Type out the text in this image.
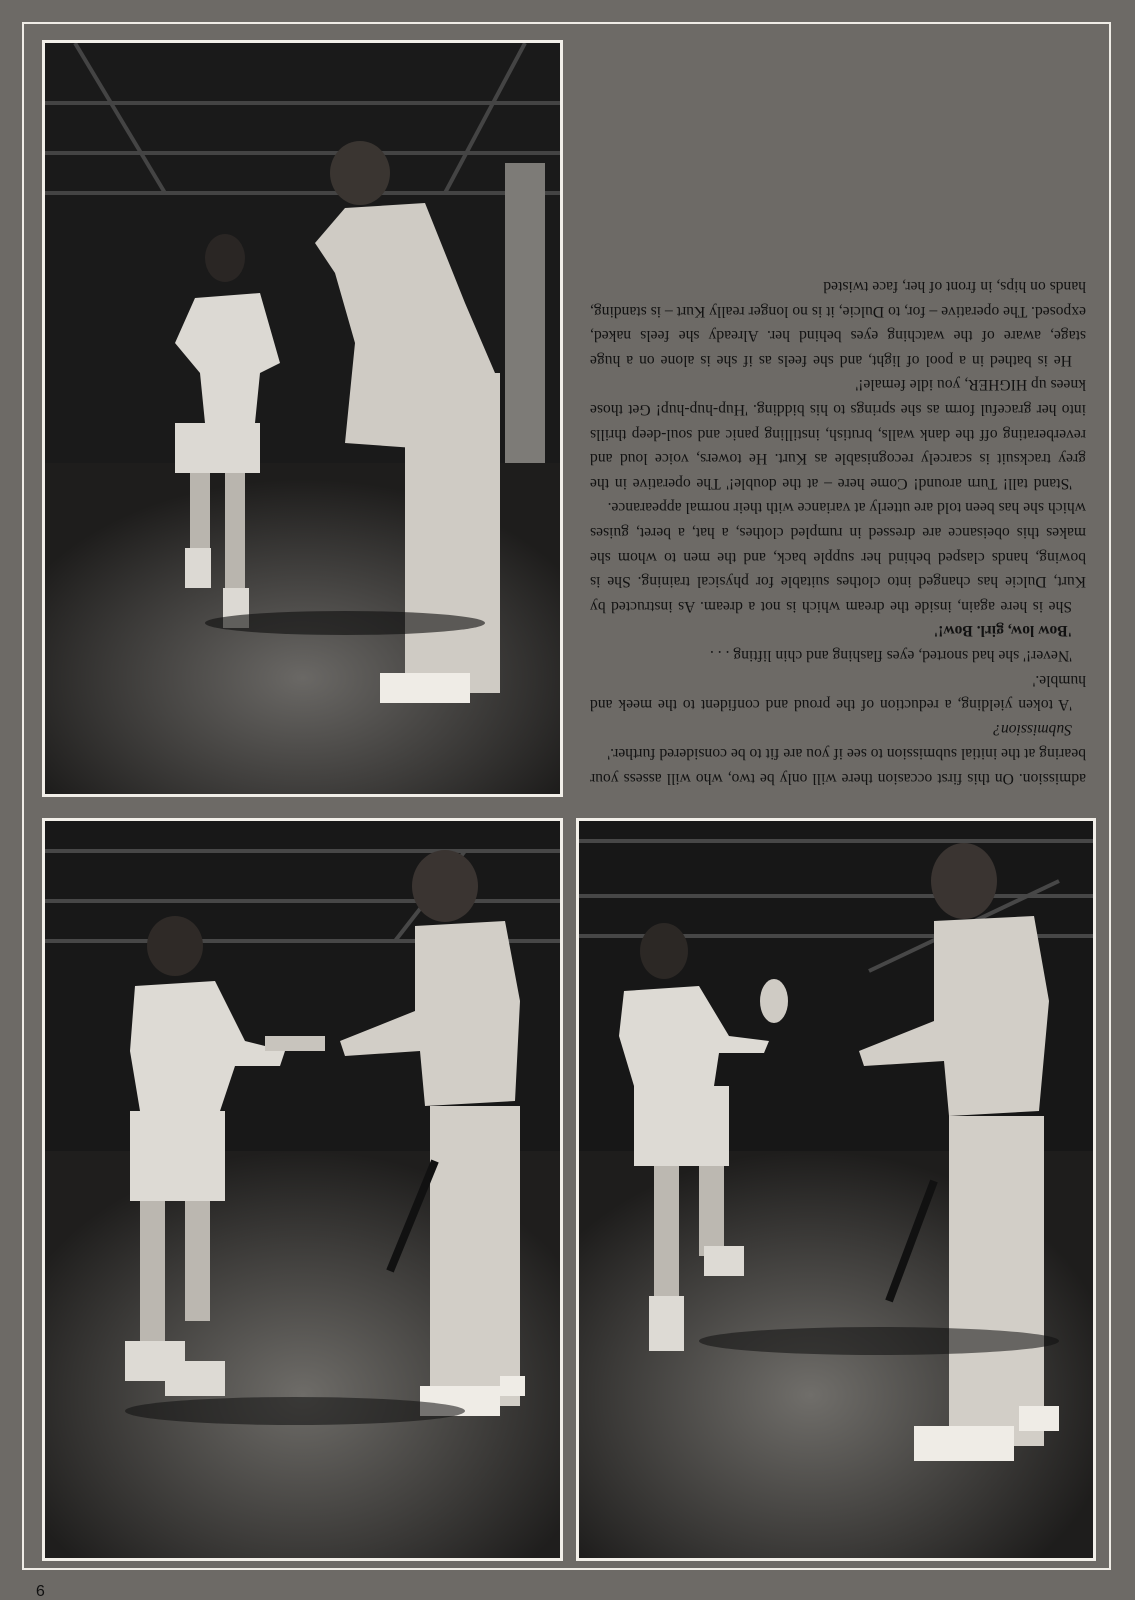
admission. On this first occasion there will only be two, who will assess your bearing at the initial submission to see if you are fit to be considered further.'

Submission?

'A token yielding, a reduction of the proud and confident to the meek and humble.'

'Never!' she had snorted, eyes flashing and chin lifting . . .

'Bow low, girl. Bow!'

She is here again, inside the dream which is not a dream. As instructed by Kurt, Dulcie has changed into clothes suitable for physical training. She is bowing, hands clasped behind her supple back, and the men to whom she makes this obeisance are dressed in rumpled clothes, a hat, a beret, guises which she has been told are utterly at variance with their normal appearance.

'Stand tall! Turn around! Come here – at the double!' The operative in the grey tracksuit is scarcely recognisable as Kurt. He towers, voice loud and reverberating off the dank walls, brutish, instilling panic and soul-deep thrills into her graceful form as she springs to his bidding. 'Hup-hup-hup! Get those knees up HIGHER, you idle female!'

He is bathed in a pool of light, and she feels as if she is alone on a huge stage, aware of the watching eyes behind her. Already she feels naked, exposed. The operative – for, to Dulcie, it is no longer really Kurt – is standing, hands on hips, in front of her, face twisted

9
